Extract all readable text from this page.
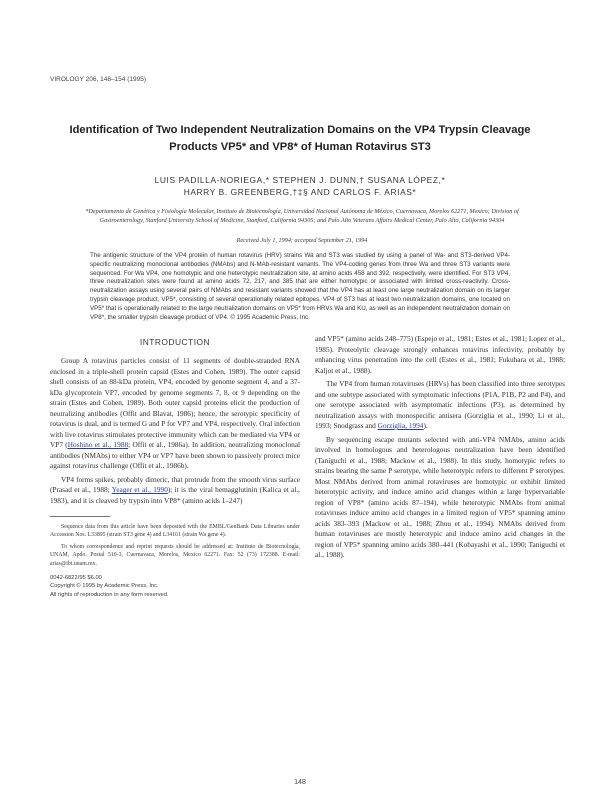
VIROLOGY 206, 148–154 (1995)
Identification of Two Independent Neutralization Domains on the VP4 Trypsin Cleavage Products VP5* and VP8* of Human Rotavirus ST3
LUIS PADILLA-NORIEGA,* STEPHEN J. DUNN,† SUSANA LÓPEZ,*
HARRY B. GREENBERG,†‡§ AND CARLOS F. ARIAS*
*Departamento de Genética y Fisiología Molecular, Instituto de Biotecnología, Universidad Nacional Autónoma de México, Cuernavaca, Morelos 62271, Mexico; Division of Gastroenterology, Stanford University School of Medicine, Stanford, California 94305; and Palo Alto Veterans Affairs Medical Center, Palo Alto, California 94304
Received July 1, 1994; accepted September 21, 1994
The antigenic structure of the VP4 protein of human rotavirus (HRV) strains Wa and ST3 was studied by using a panel of Wa- and ST3-derived VP4-specific neutralizing monoclonal antibodies (NMAbs) and N-MAb-resistant variants. The VP4-coding genes from three Wa and three ST3 variants were sequenced. For Wa VP4, one homotypic and one heterotypic neutralization site, at amino acids 458 and 392, respectively, were identified. For ST3 VP4, three neutralization sites were found at amino acids 72, 217, and 385 that are either homotypic or associated with limited cross-reactivity. Cross-neutralization assays using several pairs of NMAbs and resistant variants showed that the VP4 has at least one large neutralization domain on its larger trypsin cleavage product, VP5*, consisting of several operationally related epitopes. VP4 of ST3 has at least two neutralization domains, one located on VP5* that is operationally related to the large neutralization domains on VP5* from HRVs Wa and KU, as well as an independent neutralization domain on VP8*, the smaller trypsin cleavage product of VP4. © 1995 Academic Press, Inc.
INTRODUCTION

Group A rotavirus particles consist of 11 segments of double-stranded RNA enclosed in a triple-shell protein capsid (Estes and Cohen, 1989). The outer capsid shell consists of an 88-kDa protein, VP4, encoded by genome segment 4, and a 37-kDa glycoprotein VP7, encoded by genome segments 7, 8, or 9 depending on the strain (Estes and Cohen, 1989). Both outer capsid proteins elicit the production of neutralizing antibodies (Offit and Blavat, 1986); hence, the serotypic specificity of rotavirus is dual, and is termed G and P for VP7 and VP4, respectively. Oral infection with live rotavirus stimulates protective immunity which can be mediated via VP4 or VP7 (Hoshino et al., 1988; Offit et al., 1986a). In addition, neutralizing monoclonal antibodies (NMAbs) to either VP4 or VP7 have been shown to passively protect mice against rotavirus challenge (Offit et al., 1986b).

VP4 forms spikes, probably dimeric, that protrude from the smooth virus surface (Prasad et al., 1988; Yeager et al., 1990); it is the viral hemagglutinin (Kalica et al., 1983), and it is cleaved by trypsin into VP8* (amino acids 1–247)

Sequence data from this article have been deposited with the EMBL/GenBank Data Libraries under Accession Nos. L33895 (strain ST3 gene 4) and L34161 (strain Wa gene 4).

To whom correspondence and reprint requests should be addressed at: Instituto de Biotecnología, UNAM, Apdo. Postal 510-3, Cuernavaca, Morelos, Mexico 62271. Fax: 52 (73) 172388. E-mail: arias@ibt.unam.mx.

0042-6822/95 $6.00
Copyright © 1995 by Academic Press, Inc.
All rights of reproduction in any form reserved.

and VP5* (amino acids 248–775) (Espejo et al., 1981; Estes et al., 1981; Lopez et al., 1985). Proteolytic cleavage strongly enhances rotavirus infectivity, probably by enhancing virus penetration into the cell (Estes et al., 1981; Fukuhara et al., 1988; Kaljot et al., 1988).

The VP4 from human rotaviruses (HRVs) has been classified into three serotypes and one subtype associated with symptomatic infections (P1A, P1B, P2 and P4), and one serotype associated with asymptomatic infections (P3), as determined by neutralization assays with monospecific antisera (Gorziglia et al., 1990; Li et al., 1993; Snodgrass and Gorziglia, 1994).

By sequencing escape mutants selected with anti-VP4 NMAbs, amino acids involved in homologous and heterologous neutralization have been identified (Taniguchi et al., 1988; Mackow et al., 1988). In this study, homotypic refers to strains bearing the same P serotype, while heterotypic refers to different P serotypes. Most NMAbs derived from animal rotaviruses are homotypic or exhibit limited heterotypic activity, and induce amino acid changes within a large hypervariable region of VP8* (amino acids 87–194), while heterotypic NMAbs from animal rotaviruses induce amino acid changes in a limited region of VP5* spanning amino acids 383–393 (Mackow et al., 1988; Zhou et al., 1994). NMAbs derived from human rotaviruses are mostly heterotypic and induce amino acid changes in the region of VP5* spanning amino acids 380–441 (Kobayashi et al., 1990; Taniguchi et al., 1988).

148
